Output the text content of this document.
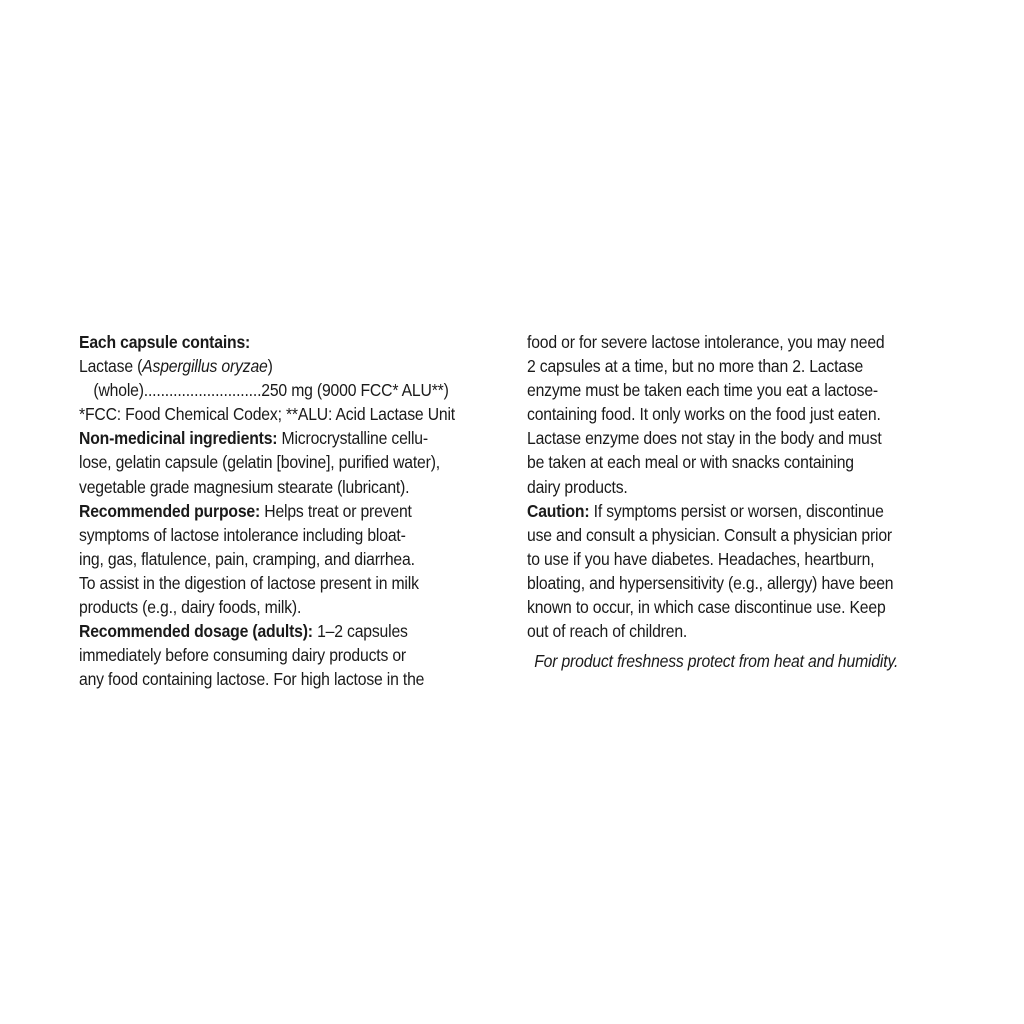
Each capsule contains:
Lactase (Aspergillus oryzae)
(whole)............................250 mg (9000 FCC* ALU**)
*FCC: Food Chemical Codex; **ALU: Acid Lactase Unit
Non-medicinal ingredients: Microcrystalline cellu-
lose, gelatin capsule (gelatin [bovine], purified water),
vegetable grade magnesium stearate (lubricant).
Recommended purpose: Helps treat or prevent
symptoms of lactose intolerance including bloat-
ing, gas, flatulence, pain, cramping, and diarrhea.
To assist in the digestion of lactose present in milk
products (e.g., dairy foods, milk).
Recommended dosage (adults): 1–2 capsules
immediately before consuming dairy products or
any food containing lactose. For high lactose in the
food or for severe lactose intolerance, you may need
2 capsules at a time, but no more than 2. Lactase
enzyme must be taken each time you eat a lactose-
containing food. It only works on the food just eaten.
Lactase enzyme does not stay in the body and must
be taken at each meal or with snacks containing
dairy products.
Caution: If symptoms persist or worsen, discontinue
use and consult a physician. Consult a physician prior
to use if you have diabetes. Headaches, heartburn,
bloating, and hypersensitivity (e.g., allergy) have been
known to occur, in which case discontinue use. Keep
out of reach of children.
For product freshness protect from heat and humidity.
